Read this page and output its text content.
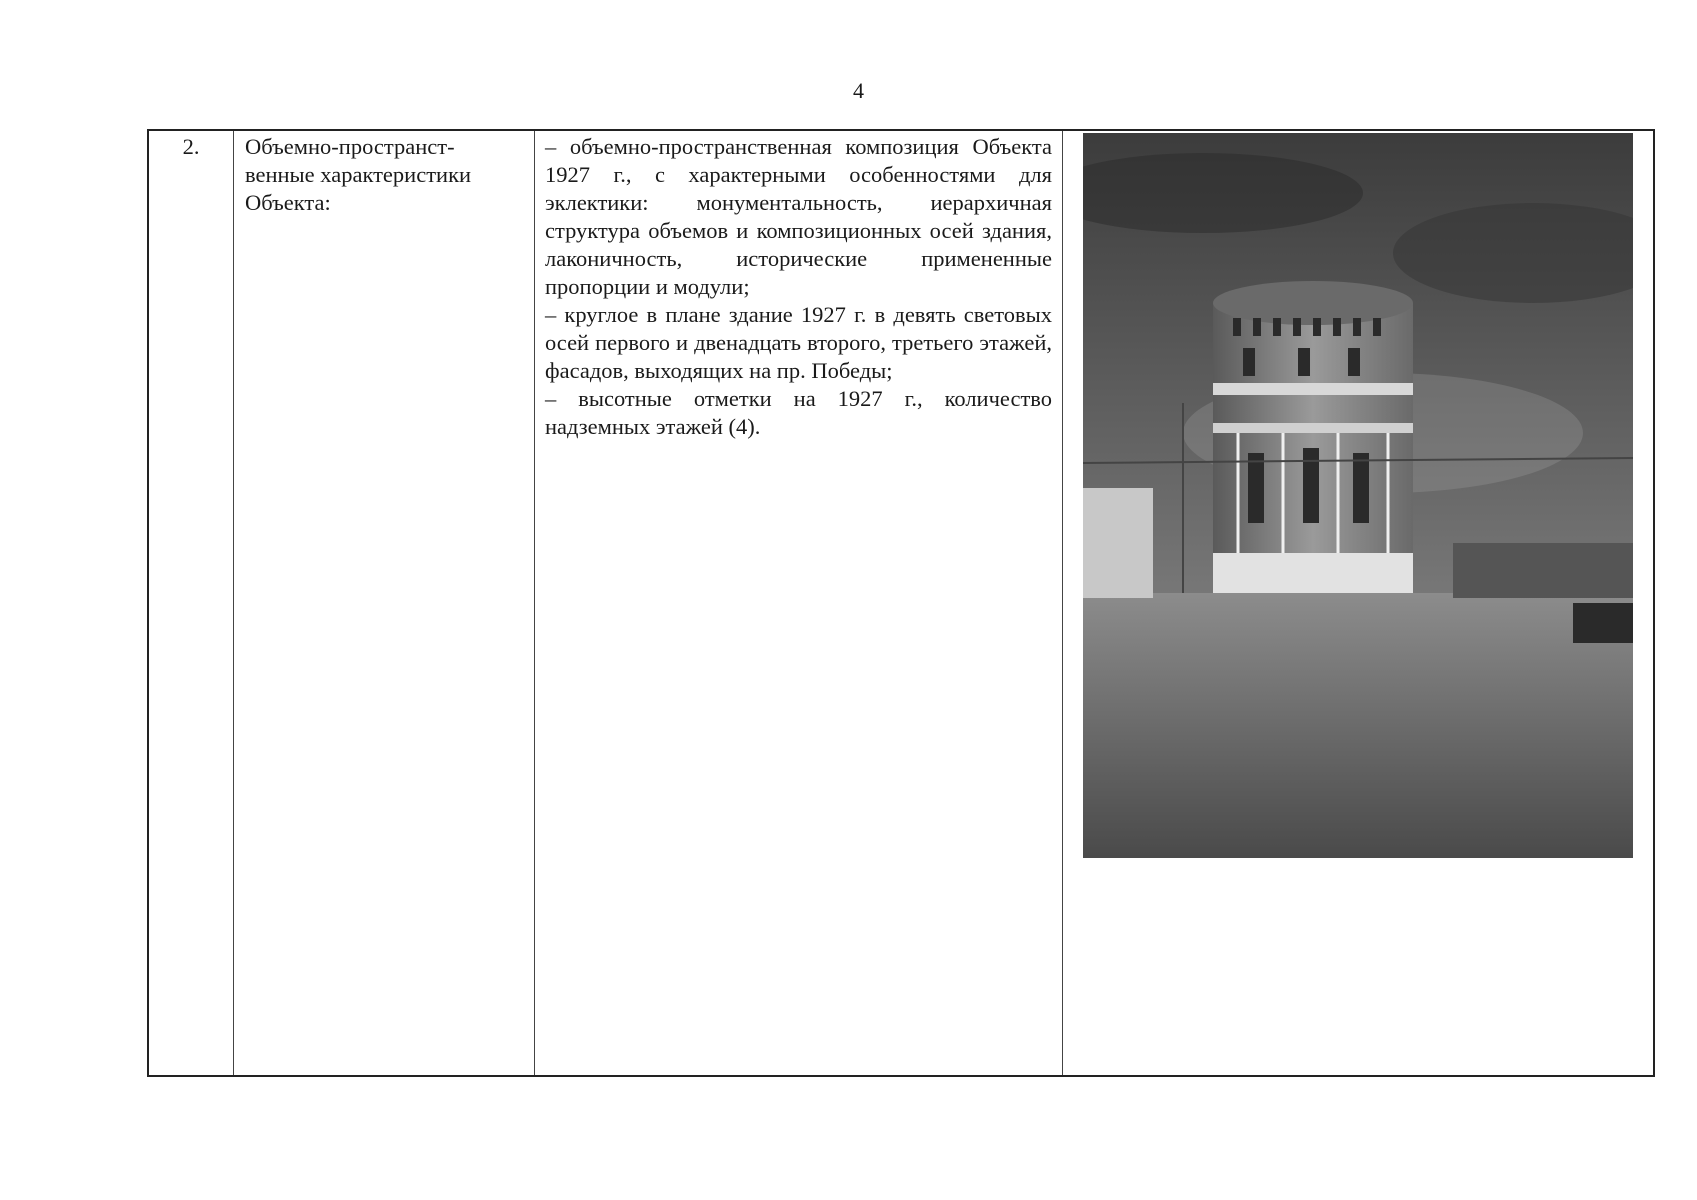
4
2.	Объемно-пространст-венные характеристики Объекта:

– объемно-пространственная композиция Объекта 1927 г., с характерными особенностями для эклектики: монументальность, иерархичная структура объемов и композиционных осей здания, лаконичность, исторические примененные пропорции и модули;

– круглое в плане здание 1927 г. в девять световых осей первого и двенадцать второго, третьего этажей, фасадов, выходящих на пр. Победы;

– высотные отметки на 1927 г., количество надземных этажей (4).
